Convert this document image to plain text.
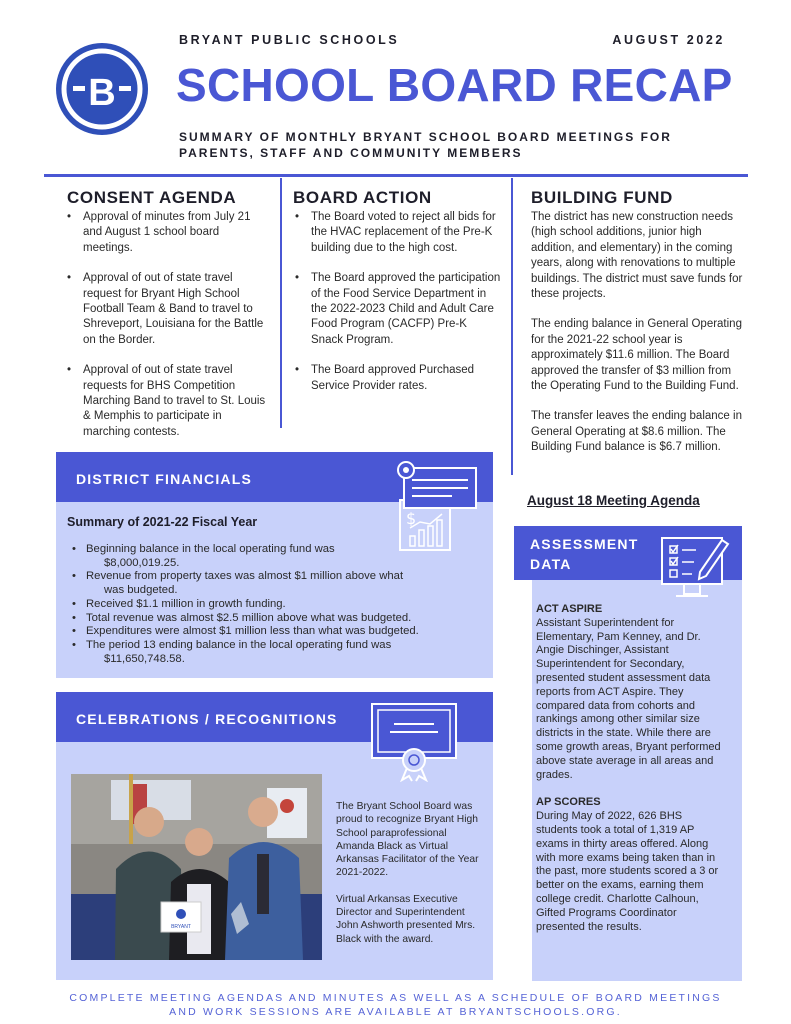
B
BRYANT PUBLIC SCHOOLS	AUGUST 2022
SCHOOL BOARD RECAP
SUMMARY OF MONTHLY BRYANT SCHOOL BOARD MEETINGS FOR PARENTS, STAFF AND COMMUNITY MEMBERS
CONSENT AGENDA
• Approval of minutes from July 21 and August 1 school board meetings.
• Approval of out of state travel request for Bryant High School Football Team & Band to travel to Shreveport, Louisiana for the Battle on the Border.
• Approval of out of state travel requests for BHS Competition Marching Band to travel to St. Louis & Memphis to participate in marching contests.
BOARD ACTION
• The Board voted to reject all bids for the HVAC replacement of the Pre-K building due to the high cost.
• The Board approved the participation of the Food Service Department in the 2022-2023 Child and Adult Care Food Program (CACFP) Pre-K Snack Program.
• The Board approved Purchased Service Provider rates.
BUILDING FUND

The district has new construction needs (high school additions, junior high addition, and elementary) in the coming years, along with renovations to multiple buildings. The district must save funds for these projects.

The ending balance in General Operating for the 2021-22 school year is approximately $11.6 million. The Board approved the transfer of $3 million from the Operating Fund to the Building Fund.

The transfer leaves the ending balance in General Operating at $8.6 million. The Building Fund balance is $6.7 million.

August 18 Meeting Agenda
DISTRICT FINANCIALS
$
Summary of 2021-22 Fiscal Year
• Beginning balance in the local operating fund was
$8,000,019.25.
• Revenue from property taxes was almost $1 million above what
was budgeted.
• Received $1.1 million in growth funding.
• Total revenue was almost $2.5 million above what was budgeted.
• Expenditures were almost $1 million less than what was budgeted.
• The period 13 ending balance in the local operating fund was
$11,650,748.58.
CELEBRATIONS / RECOGNITIONS
BRYANT

The Bryant School Board was proud to recognize Bryant High School paraprofessional Amanda Black as Virtual Arkansas Facilitator of the Year 2021-2022.

Virtual Arkansas Executive Director and Superintendent John Ashworth presented Mrs. Black with the award.

ASSESSMENT
DATA
ACT ASPIRE

Assistant Superintendent for Elementary, Pam Kenney, and Dr. Angie Dischinger, Assistant Superintendent for Secondary, presented student assessment data reports from ACT Aspire. They compared data from cohorts and rankings among other similar size districts in the state. While there are some growth areas, Bryant performed above state average in all areas and grades.

AP SCORES

During May of 2022, 626 BHS students took a total of 1,319 AP exams in thirty areas offered. Along with more exams being taken than in the past, more students scored a 3 or better on the exams, earning them college credit. Charlotte Calhoun, Gifted Programs Coordinator presented the results.

COMPLETE MEETING AGENDAS AND MINUTES AS WELL AS A SCHEDULE OF BOARD MEETINGS
AND WORK SESSIONS ARE AVAILABLE AT BRYANTSCHOOLS.ORG.
